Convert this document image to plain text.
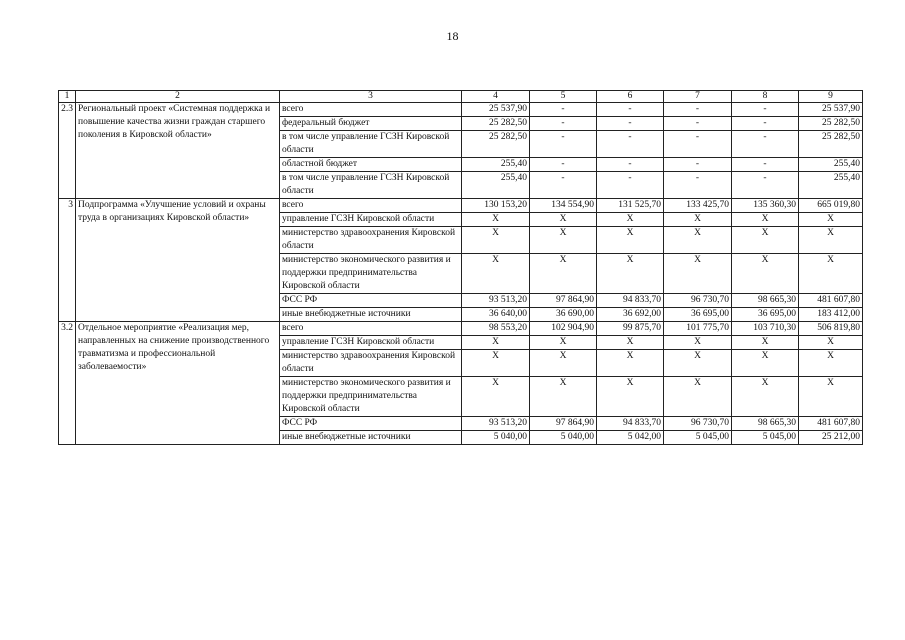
18
1	2	3	4	5	6	7	8	9
2.3	Региональный проект «Системная поддержка и повышение качества жизни граждан старшего поколения в Кировской области»	всего	25 537,90	-	-	-	-	25 537,90
		федеральный бюджет	25 282,50	-	-	-	-	25 282,50
		в том числе управление ГСЗН Кировской области	25 282,50	-	-	-	-	25 282,50
		областной бюджет	255,40	-	-	-	-	255,40
		в том числе управление ГСЗН Кировской области	255,40	-	-	-	-	255,40
3	Подпрограмма «Улучшение условий и охраны труда в организациях Кировской области»	всего	130 153,20	134 554,90	131 525,70	133 425,70	135 360,30	665 019,80
		управление ГСЗН Кировской области	X	X	X	X	X	X
		министерство здравоохранения Кировской области	X	X	X	X	X	X
		министерство экономического развития и поддержки предпринимательства Кировской области	X	X	X	X	X	X
		ФСС РФ	93 513,20	97 864,90	94 833,70	96 730,70	98 665,30	481 607,80
		иные внебюджетные источники	36 640,00	36 690,00	36 692,00	36 695,00	36 695,00	183 412,00
3.2	Отдельное мероприятие «Реализация мер, направленных на снижение производственного травматизма и профессиональной заболеваемости»	всего	98 553,20	102 904,90	99 875,70	101 775,70	103 710,30	506 819,80
		управление ГСЗН Кировской области	X	X	X	X	X	X
		министерство здравоохранения Кировской области	X	X	X	X	X	X
		министерство экономического развития и поддержки предпринимательства Кировской области	X	X	X	X	X	X
		ФСС РФ	93 513,20	97 864,90	94 833,70	96 730,70	98 665,30	481 607,80
		иные внебюджетные источники	5 040,00	5 040,00	5 042,00	5 045,00	5 045,00	25 212,00
